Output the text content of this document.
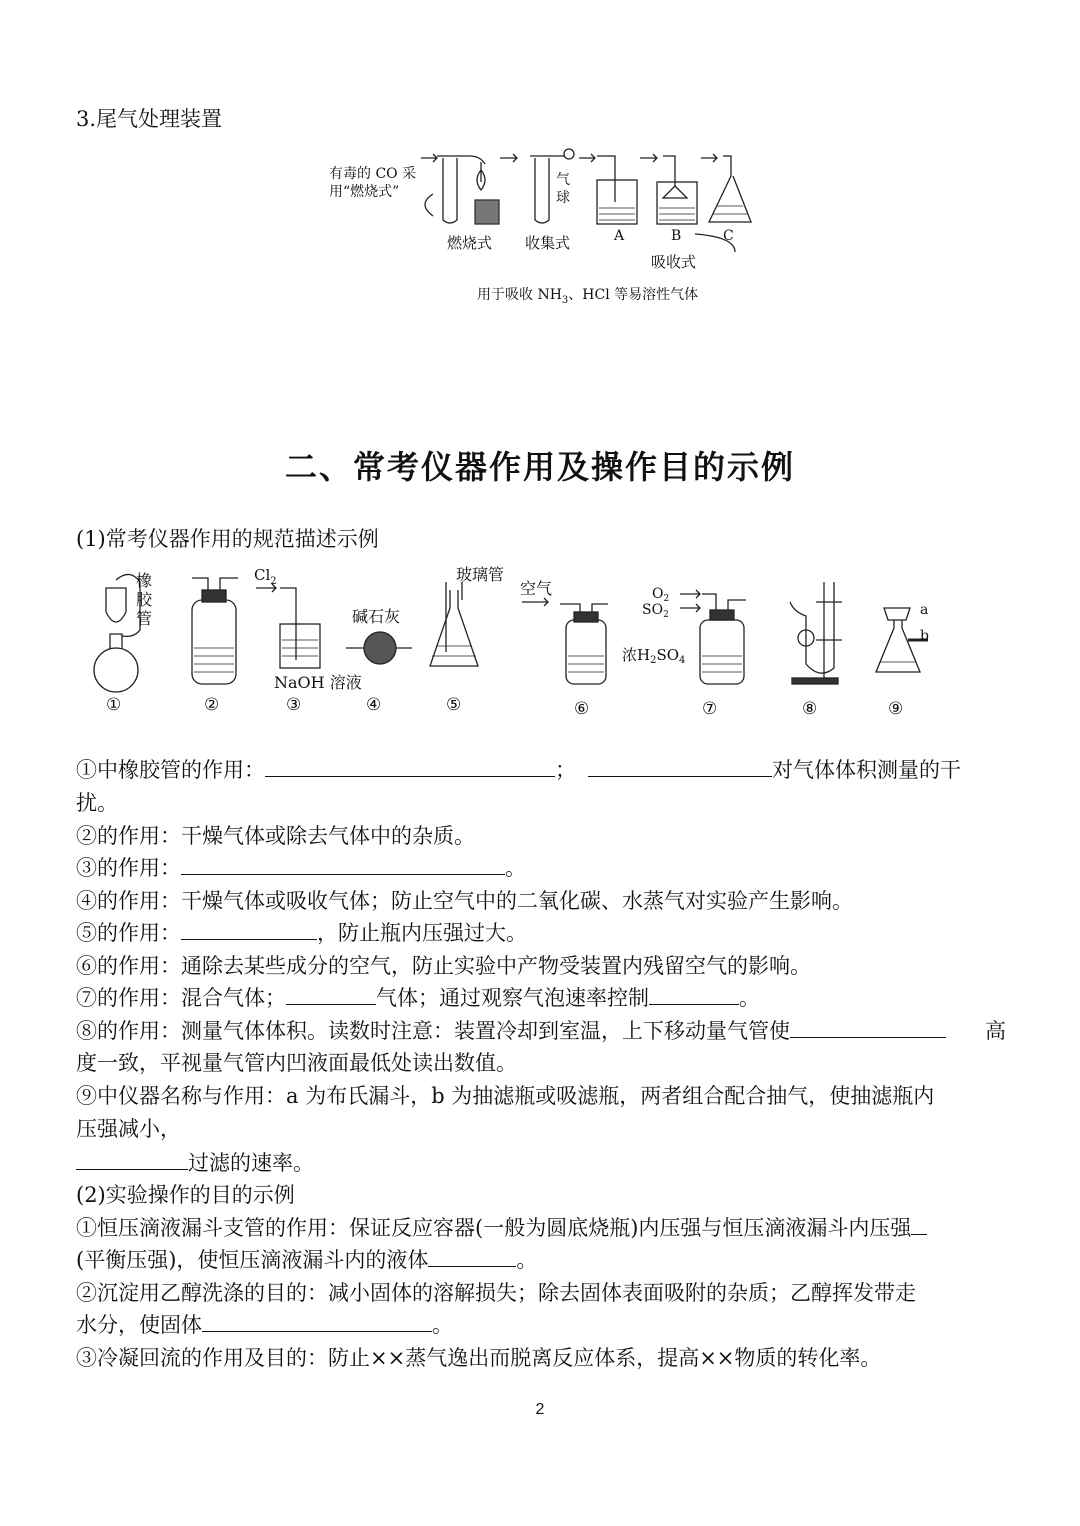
3.尾气处理装置
有毒的 CO 采
用“燃烧式”
气
球
燃烧式 收集式	A	B	C
吸收式
用于吸收 $NH_3$、HCl 等易溶性气体
二、常考仪器作用及操作目的示例
(1)常考仪器作用的规范描述示例
橡
胶
管
$Cl_2$
NaOH 溶液
碱石灰
玻璃管
空气	$O_2$
$SO_2$
浓$H_2SO_4$
a
b
①	②	③	④	⑤	⑥	⑦	⑧	⑨
①中橡胶管的作用：	；	对气体体积测量的干
扰。
②的作用：干燥气体或除去气体中的杂质。
③的作用：	。
④的作用：干燥气体或吸收气体；防止空气中的二氧化碳、水蒸气对实验产生影响。
⑤的作用：	，防止瓶内压强过大。
⑥的作用：通除去某些成分的空气，防止实验中产物受装置内残留空气的影响。
⑦的作用：混合气体；	气体；通过观察气泡速率控制	。
⑧的作用：测量气体体积。读数时注意：装置冷却到室温，上下移动量气管使	高
度一致，平视量气管内凹液面最低处读出数值。
⑨中仪器名称与作用：a 为布氏漏斗，b 为抽滤瓶或吸滤瓶，两者组合配合抽气，使抽滤瓶内
压强减小，
过滤的速率。
(2)实验操作的目的示例
①恒压滴液漏斗支管的作用：保证反应容器(一般为圆底烧瓶)内压强与恒压滴液漏斗内压强
(平衡压强)，使恒压滴液漏斗内的液体	。
②沉淀用乙醇洗涤的目的：减小固体的溶解损失；除去固体表面吸附的杂质；乙醇挥发带走
水分，使固体	。
③冷凝回流的作用及目的：防止××蒸气逸出而脱离反应体系，提高××物质的转化率。
2
